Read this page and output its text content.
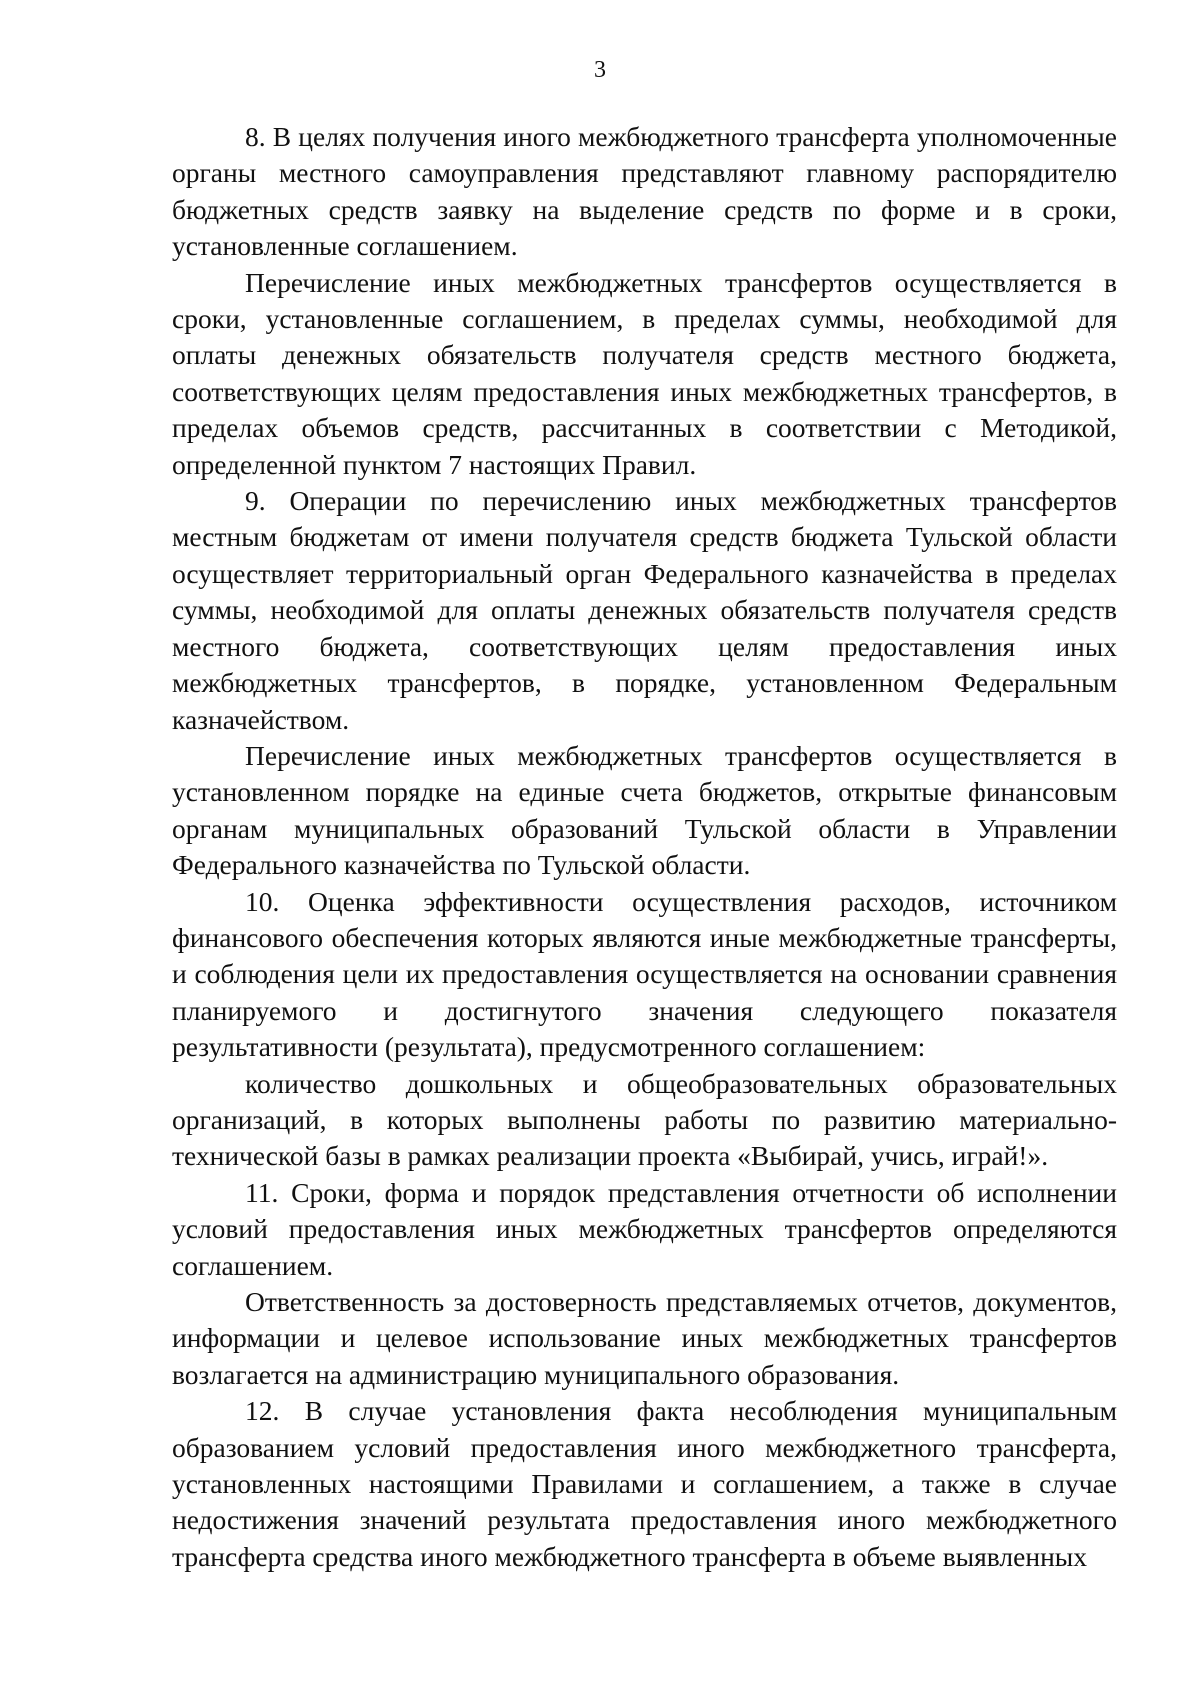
3

8. В целях получения иного межбюджетного трансферта уполномоченные органы местного самоуправления представляют главному распорядителю бюджетных средств заявку на выделение средств по форме и в сроки, установленные соглашением.

Перечисление иных межбюджетных трансфертов осуществляется в сроки, установленные соглашением, в пределах суммы, необходимой для оплаты денежных обязательств получателя средств местного бюджета, соответствующих целям предоставления иных межбюджетных трансфертов, в пределах объемов средств, рассчитанных в соответствии с Методикой, определенной пунктом 7 настоящих Правил.

9. Операции по перечислению иных межбюджетных трансфертов местным бюджетам от имени получателя средств бюджета Тульской области осуществляет территориальный орган Федерального казначейства в пределах суммы, необходимой для оплаты денежных обязательств получателя средств местного бюджета, соответствующих целям предоставления иных межбюджетных трансфертов, в порядке, установленном Федеральным казначейством.

Перечисление иных межбюджетных трансфертов осуществляется в установленном порядке на единые счета бюджетов, открытые финансовым органам муниципальных образований Тульской области в Управлении Федерального казначейства по Тульской области.

10. Оценка эффективности осуществления расходов, источником финансового обеспечения которых являются иные межбюджетные трансферты, и соблюдения цели их предоставления осуществляется на основании сравнения планируемого и достигнутого значения следующего показателя результативности (результата), предусмотренного соглашением:

количество дошкольных и общеобразовательных образовательных организаций, в которых выполнены работы по развитию материально-технической базы в рамках реализации проекта «Выбирай, учись, играй!».

11. Сроки, форма и порядок представления отчетности об исполнении условий предоставления иных межбюджетных трансфертов определяются соглашением.

Ответственность за достоверность представляемых отчетов, документов, информации и целевое использование иных межбюджетных трансфертов возлагается на администрацию муниципального образования.

12. В случае установления факта несоблюдения муниципальным образованием условий предоставления иного межбюджетного трансферта, установленных настоящими Правилами и соглашением, а также в случае недостижения значений результата предоставления иного межбюджетного трансферта средства иного межбюджетного трансферта в объеме выявленных
